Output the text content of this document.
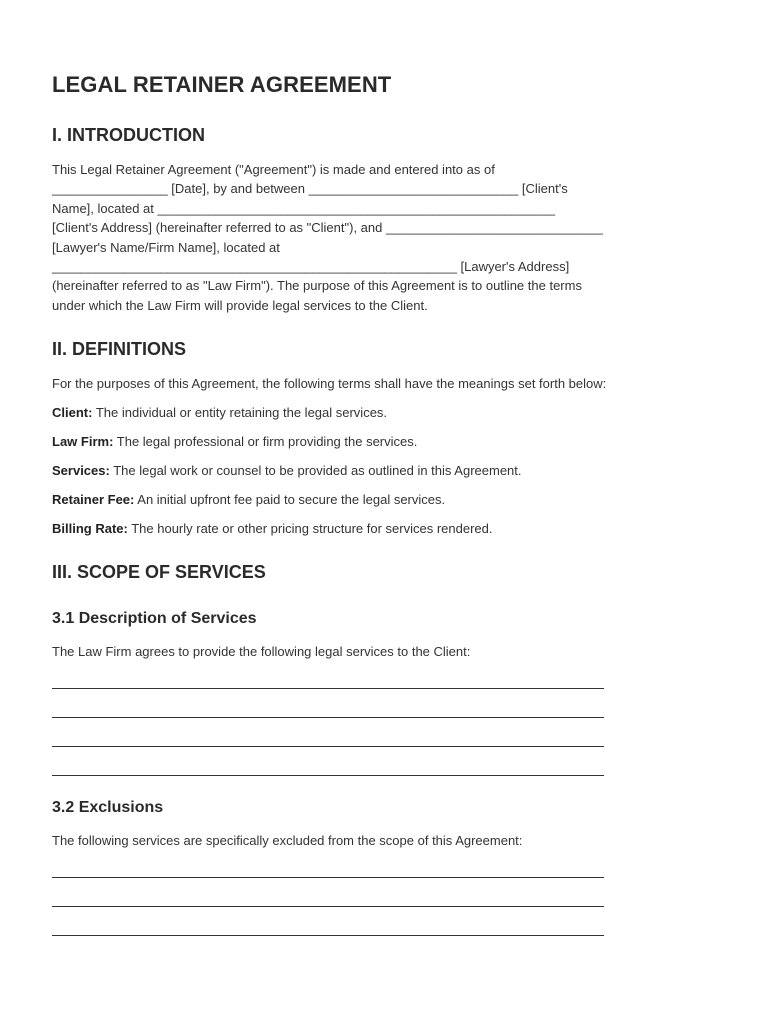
LEGAL RETAINER AGREEMENT
I. INTRODUCTION
This Legal Retainer Agreement ("Agreement") is made and entered into as of
________________ [Date], by and between _____________________________ [Client's
Name], located at _______________________________________________________
[Client's Address] (hereinafter referred to as "Client"), and ______________________________
[Lawyer's Name/Firm Name], located at
________________________________________________________ [Lawyer's Address]
(hereinafter referred to as "Law Firm"). The purpose of this Agreement is to outline the terms
under which the Law Firm will provide legal services to the Client.
II. DEFINITIONS

For the purposes of this Agreement, the following terms shall have the meanings set forth below:

Client: The individual or entity retaining the legal services.

Law Firm: The legal professional or firm providing the services.

Services: The legal work or counsel to be provided as outlined in this Agreement.

Retainer Fee: An initial upfront fee paid to secure the legal services.

Billing Rate: The hourly rate or other pricing structure for services rendered.

III. SCOPE OF SERVICES
3.1 Description of Services

The Law Firm agrees to provide the following legal services to the Client:

3.2 Exclusions

The following services are specifically excluded from the scope of this Agreement:
